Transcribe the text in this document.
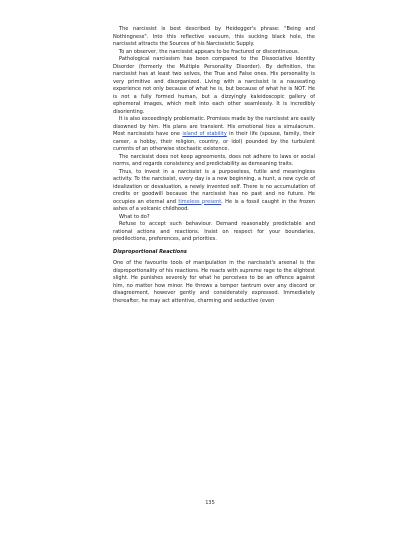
The narcissist is best described by Heidegger's phrase: "Being and Nothingness". Into this reflective vacuum, this sucking black hole, the narcissist attracts the Sources of his Narcissistic Supply.

To an observer, the narcissist appears to be fractured or discontinuous.

Pathological narcissism has been compared to the Dissociative Identity Disorder (formerly the Multiple Personality Disorder). By definition, the narcissist has at least two selves, the True and False ones. His personality is very primitive and disorganized. Living with a narcissist is a nauseating experience not only because of what he is, but because of what he is NOT. He is not a fully formed human, but a dizzyingly kaleidoscopic gallery of ephemeral images, which melt into each other seamlessly. It is incredibly disorienting.

It is also exceedingly problematic. Promises made by the narcissist are easily disowned by him. His plans are transient. His emotional ties a simulacrum. Most narcissists have one island of stability in their life (spouse, family, their career, a hobby, their religion, country, or idol) pounded by the turbulent currents of an otherwise stochastic existence.

The narcissist does not keep agreements, does not adhere to laws or social norms, and regards consistency and predictability as demeaning traits.

Thus, to invest in a narcissist is a purposeless, futile and meaningless activity. To the narcissist, every day is a new beginning, a hunt, a new cycle of idealization or devaluation, a newly invented self. There is no accumulation of credits or goodwill because the narcissist has no past and no future. He occupies an eternal and timeless present. He is a fossil caught in the frozen ashes of a volcanic childhood.

What to do?

Refuse to accept such behaviour. Demand reasonably predictable and rational actions and reactions. Insist on respect for your boundaries, predilections, preferences, and priorities.

Disproportional Reactions

One of the favourite tools of manipulation in the narcissist's arsenal is the disproportionality of his reactions. He reacts with supreme rage to the slightest slight. He punishes severely for what he perceives to be an offence against him, no matter how minor. He throws a temper tantrum over any discord or disagreement, however gently and considerately expressed. Immediately thereafter, he may act attentive, charming and seductive (even

135
